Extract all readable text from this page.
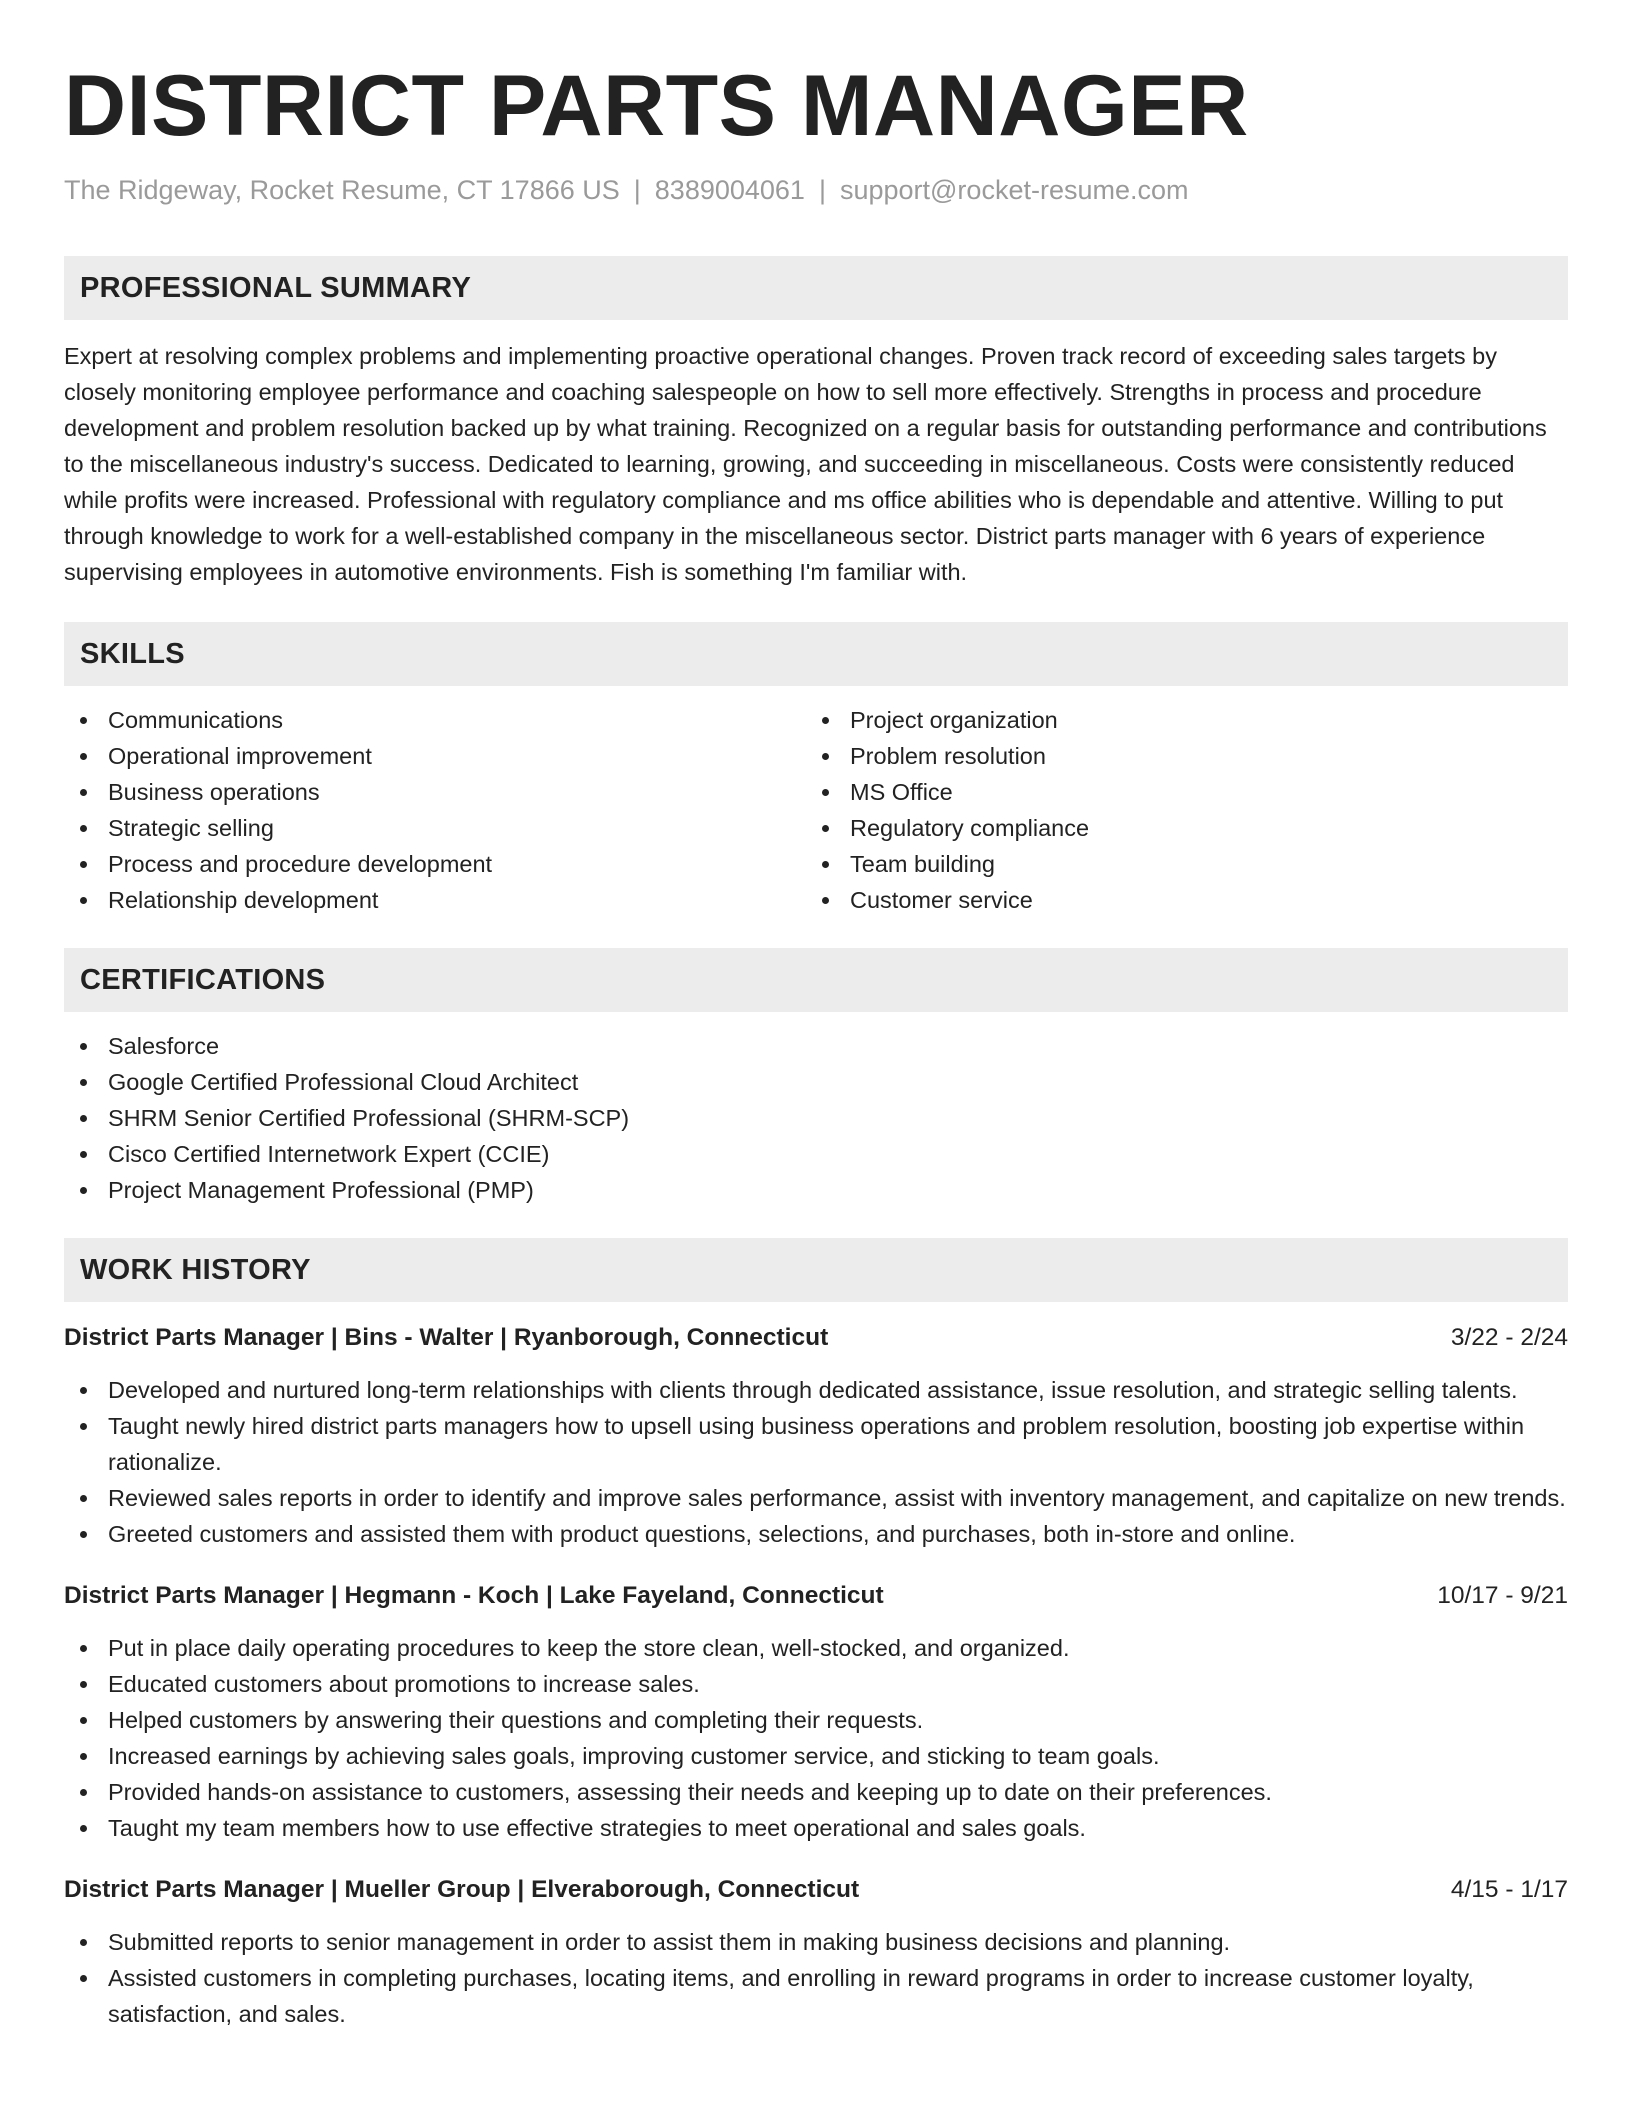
DISTRICT PARTS MANAGER
The Ridgeway, Rocket Resume, CT 17866 US | 8389004061 | support@rocket-resume.com
PROFESSIONAL SUMMARY

Expert at resolving complex problems and implementing proactive operational changes. Proven track record of exceeding sales targets by closely monitoring employee performance and coaching salespeople on how to sell more effectively. Strengths in process and procedure development and problem resolution backed up by what training. Recognized on a regular basis for outstanding performance and contributions to the miscellaneous industry's success. Dedicated to learning, growing, and succeeding in miscellaneous. Costs were consistently reduced while profits were increased. Professional with regulatory compliance and ms office abilities who is dependable and attentive. Willing to put through knowledge to work for a well-established company in the miscellaneous sector. District parts manager with 6 years of experience supervising employees in automotive environments. Fish is something I'm familiar with.

SKILLS
Communications
Operational improvement
Business operations
Strategic selling
Process and procedure development
Relationship development
Project organization
Problem resolution
MS Office
Regulatory compliance
Team building
Customer service
CERTIFICATIONS
Salesforce
Google Certified Professional Cloud Architect
SHRM Senior Certified Professional (SHRM-SCP)
Cisco Certified Internetwork Expert (CCIE)
Project Management Professional (PMP)
WORK HISTORY
District Parts Manager | Bins - Walter | Ryanborough, Connecticut	3/22 - 2/24
Developed and nurtured long-term relationships with clients through dedicated assistance, issue resolution, and strategic selling talents.
Taught newly hired district parts managers how to upsell using business operations and problem resolution, boosting job expertise within rationalize.
Reviewed sales reports in order to identify and improve sales performance, assist with inventory management, and capitalize on new trends.
Greeted customers and assisted them with product questions, selections, and purchases, both in-store and online.
District Parts Manager | Hegmann - Koch | Lake Fayeland, Connecticut	10/17 - 9/21
Put in place daily operating procedures to keep the store clean, well-stocked, and organized.
Educated customers about promotions to increase sales.
Helped customers by answering their questions and completing their requests.
Increased earnings by achieving sales goals, improving customer service, and sticking to team goals.
Provided hands-on assistance to customers, assessing their needs and keeping up to date on their preferences.
Taught my team members how to use effective strategies to meet operational and sales goals.
District Parts Manager | Mueller Group | Elveraborough, Connecticut	4/15 - 1/17
Submitted reports to senior management in order to assist them in making business decisions and planning.
Assisted customers in completing purchases, locating items, and enrolling in reward programs in order to increase customer loyalty, satisfaction, and sales.
